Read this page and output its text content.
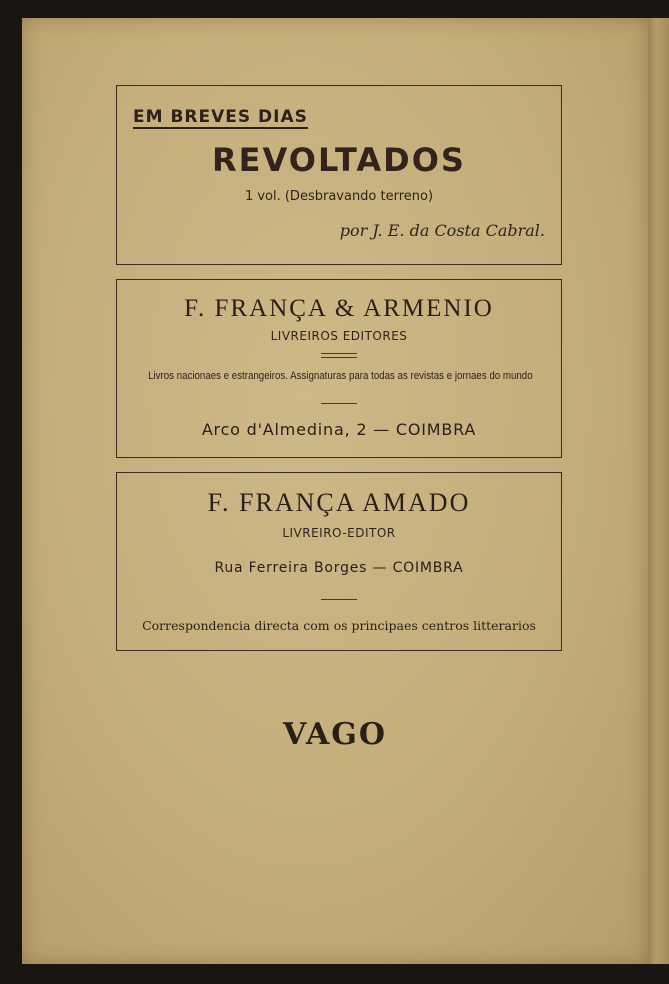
EM BREVES DIAS
REVOLTADOS
1 vol. (Desbravando terreno)
por J. E. da Costa Cabral.
F. FRANÇA & ARMENIO
LIVREIROS EDITORES
Livros nacionaes e estrangeiros. Assignaturas para todas as revistas e jornaes do mundo
Arco d'Almedina, 2 — COIMBRA
F. FRANÇA AMADO
LIVREIRO-EDITOR
Rua Ferreira Borges — COIMBRA
Correspondencia directa com os principaes centros litterarios
VAGO
